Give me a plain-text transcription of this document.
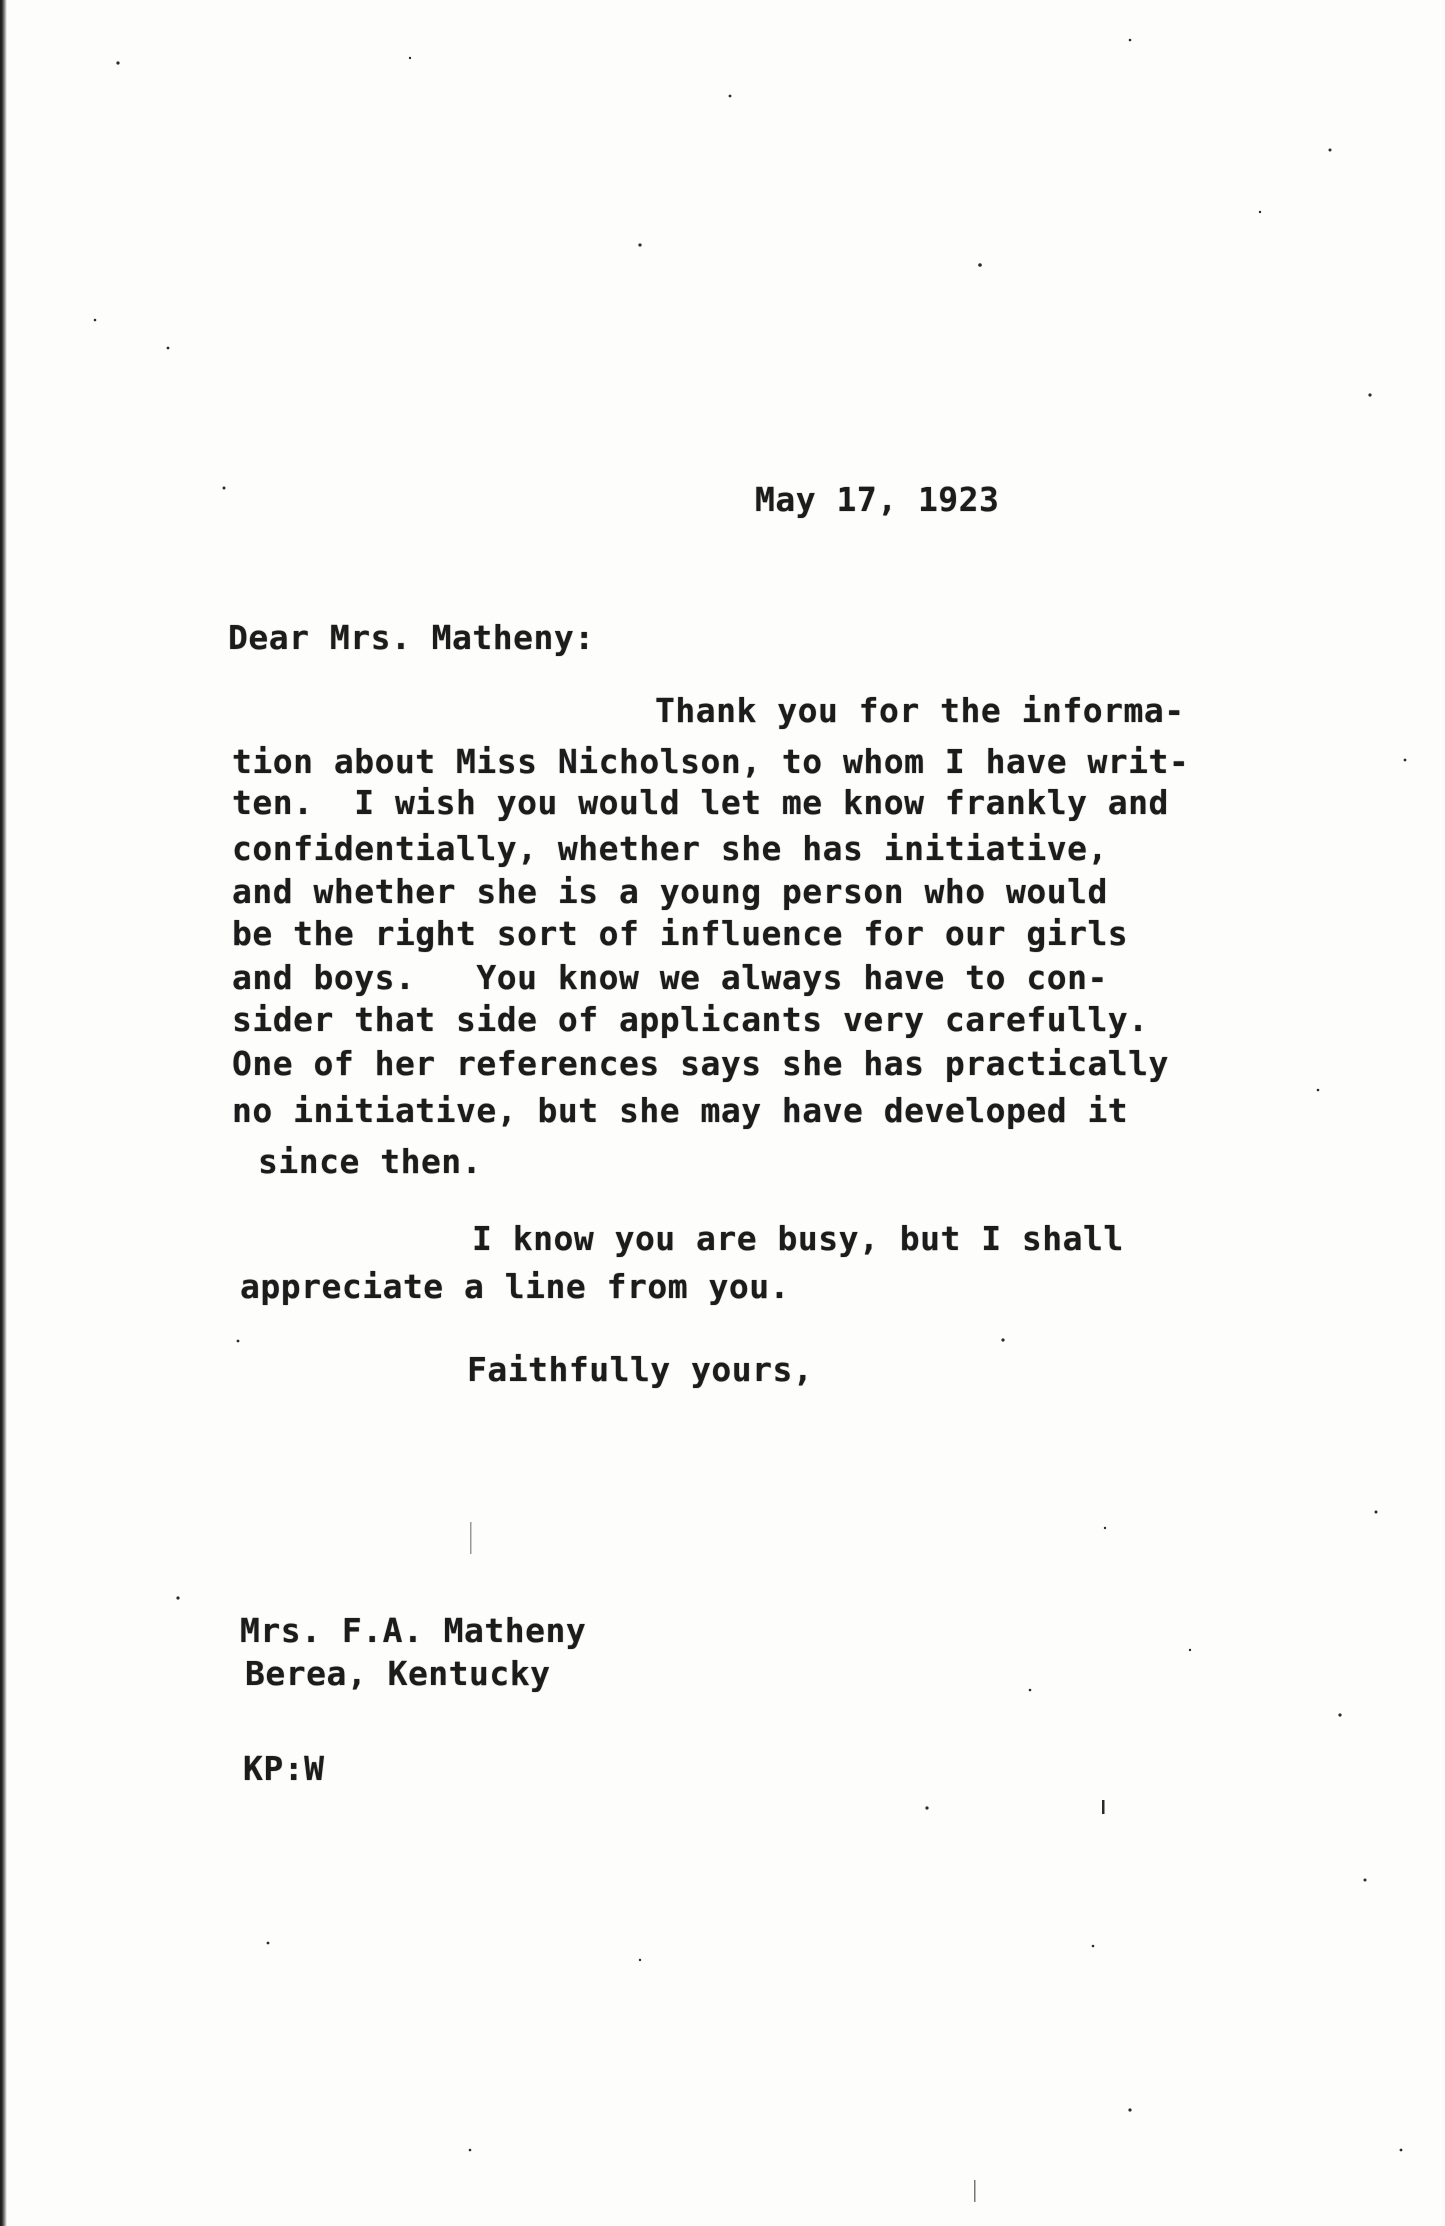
May 17, 1923
Dear Mrs. Matheny:
Thank you for the informa-
tion about Miss Nicholson, to whom I have writ-
ten.  I wish you would let me know frankly and
confidentially, whether she has initiative,
and whether she is a young person who would
be the right sort of influence for our girls
and boys.   You know we always have to con-
sider that side of applicants very carefully.
One of her references says she has practically
no initiative, but she may have developed it
since then.
I know you are busy, but I shall
appreciate a line from you.
Faithfully yours,
Mrs. F.A. Matheny
Berea, Kentucky
KP:W
